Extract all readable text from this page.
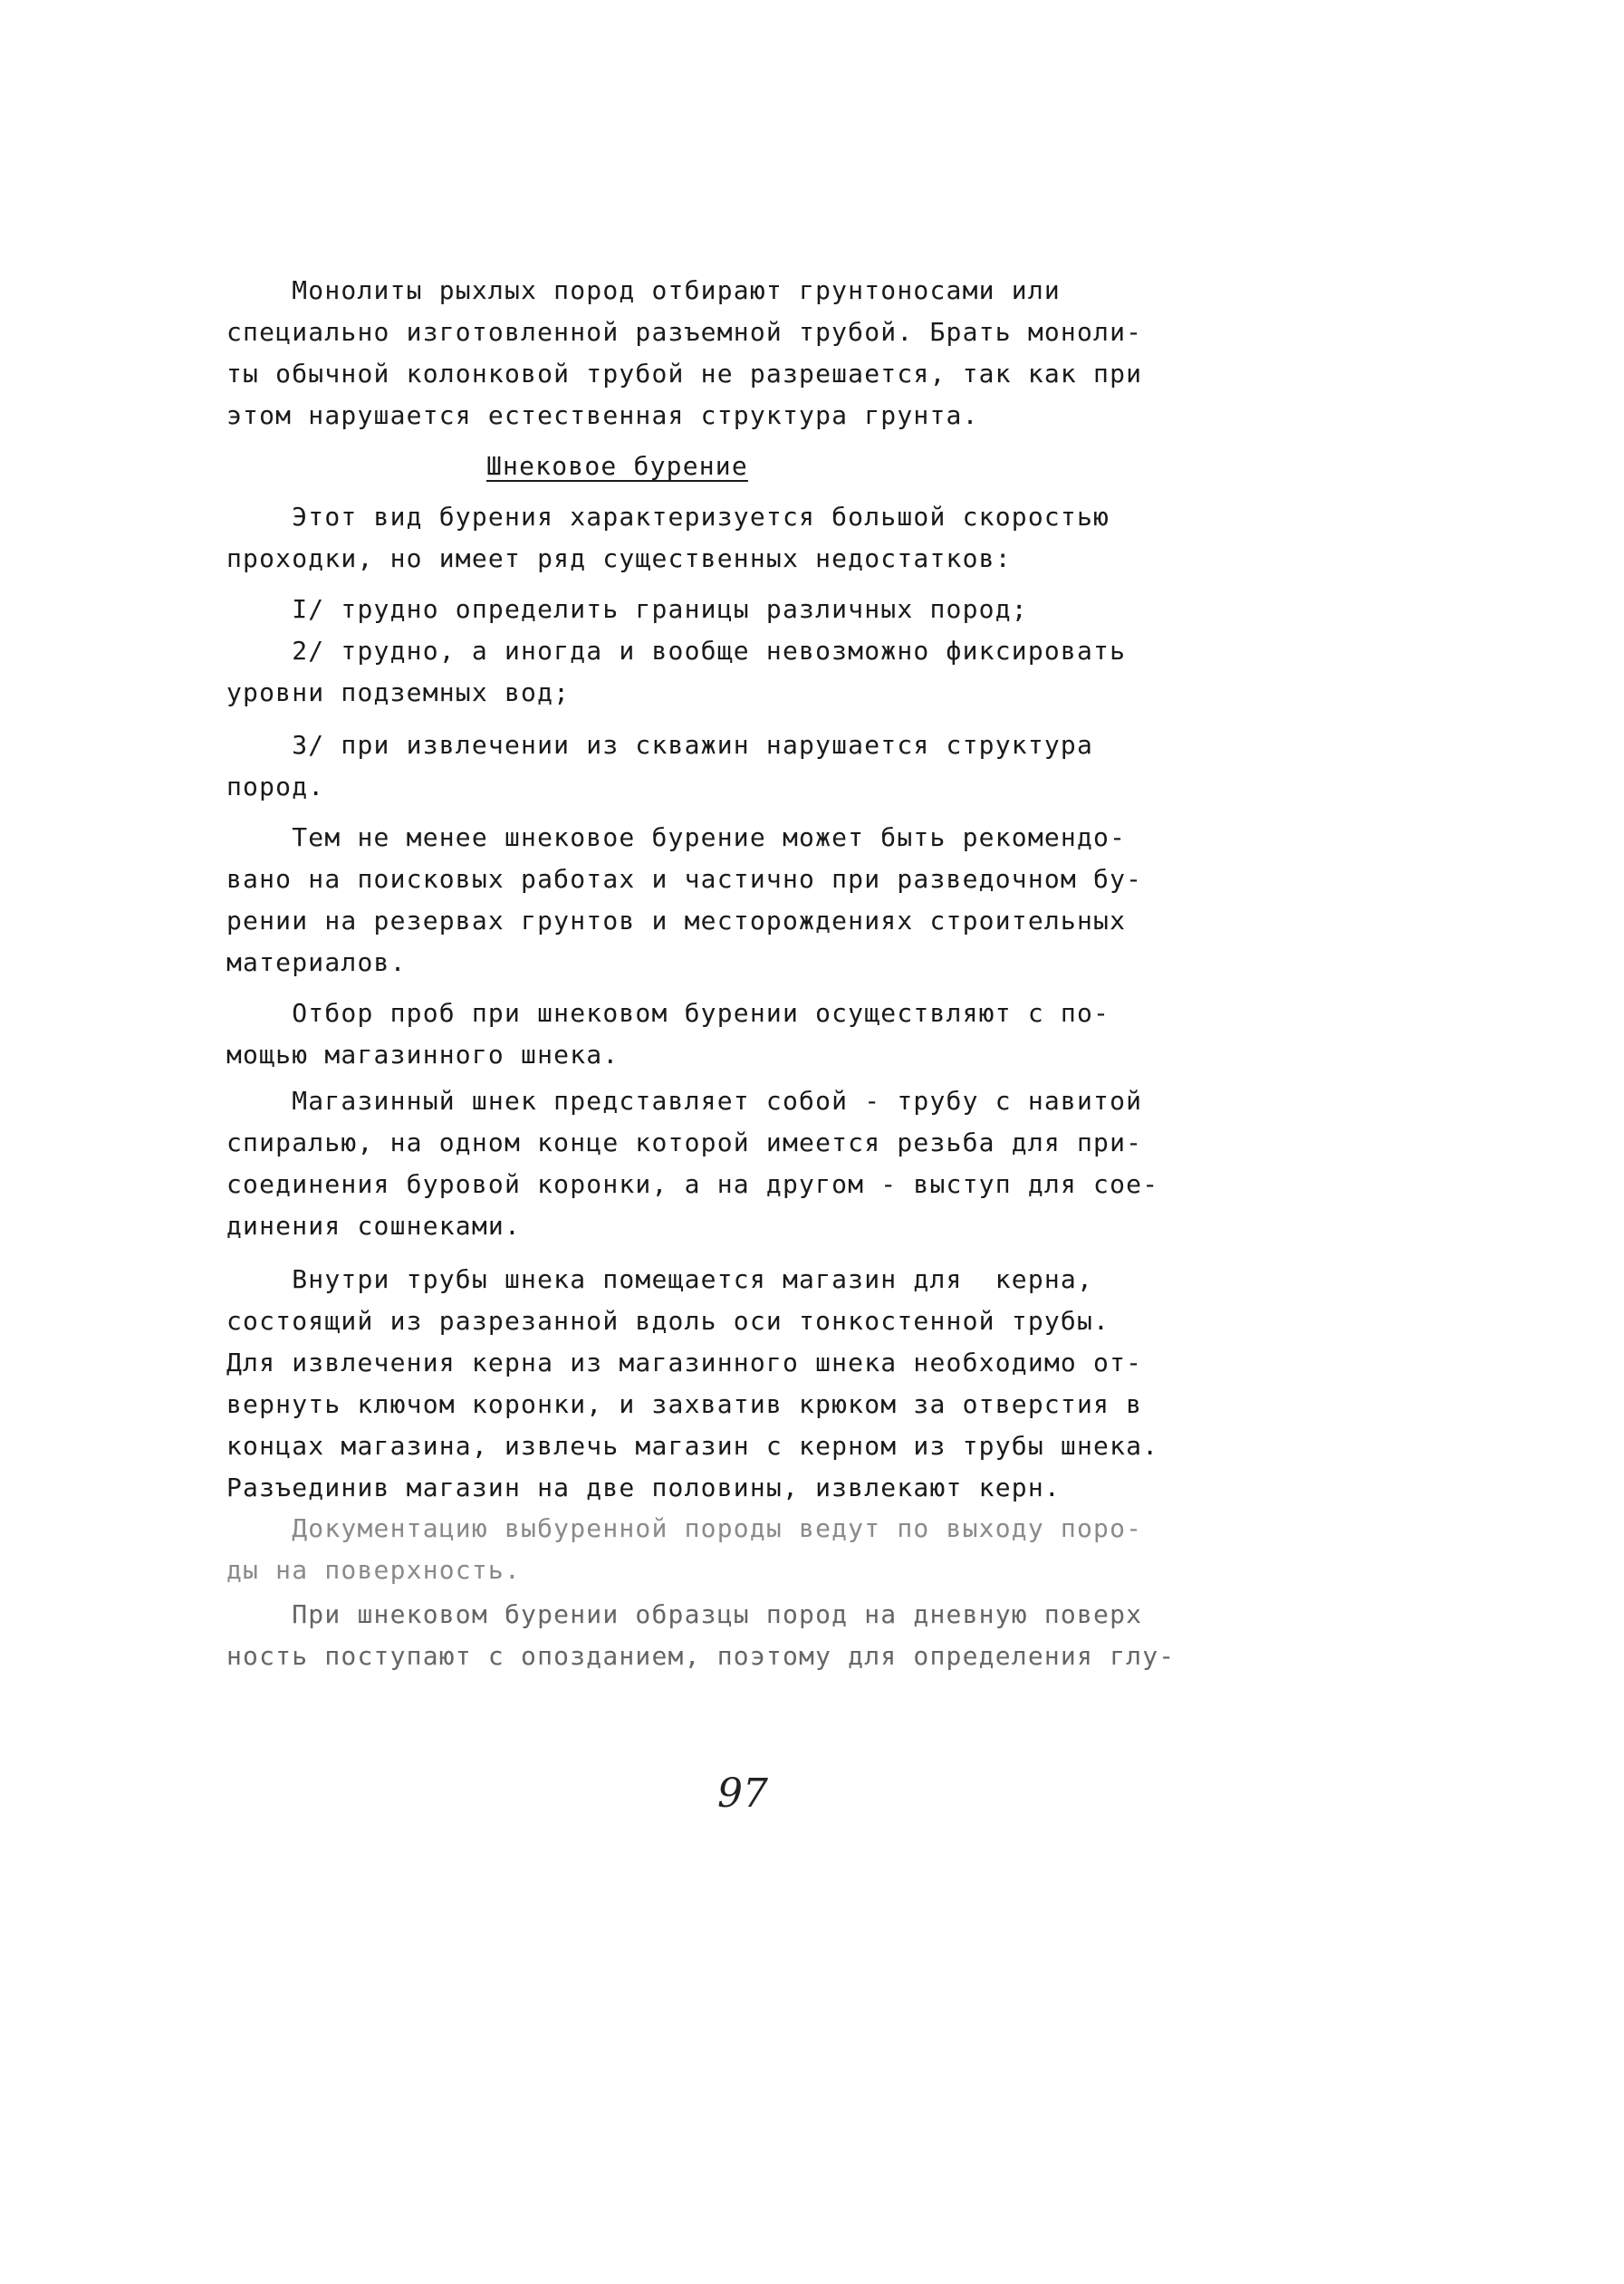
Монолиты рыхлых пород отбирают грунтоносами или
специально изготовленной разъемной трубой. Брать моноли-
ты обычной колонковой трубой не разрешается, так как при
этом нарушается естественная структура грунта.
Шнековое бурение
Этот вид бурения характеризуется большой скоростью
проходки, но имеет ряд существенных недостатков:
I/ трудно определить границы различных пород;
2/ трудно, а иногда и вообще невозможно фиксировать
уровни подземных вод;
3/ при извлечении из скважин нарушается структура
пород.
Тем не менее шнековое бурение может быть рекомендо-
вано на поисковых работах и частично при разведочном бу-
рении на резервах грунтов и месторождениях строительных
материалов.
Отбор проб при шнековом бурении осуществляют с по-
мощью магазинного шнека.
Магазинный шнек представляет собой - трубу с навитой
спиралью, на одном конце которой имеется резьба для при-
соединения буровой коронки, а на другом - выступ для сое-
динения сошнеками.
Внутри трубы шнека помещается магазин для  керна,
состоящий из разрезанной вдоль оси тонкостенной трубы.
Для извлечения керна из магазинного шнека необходимо от-
вернуть ключом коронки, и захватив крюком за отверстия в
концах магазина, извлечь магазин с керном из трубы шнека.
Разъединив магазин на две половины, извлекают керн.
Документацию выбуренной породы ведут по выходу поро-
ды на поверхность.
При шнековом бурении образцы пород на дневную поверх
ность поступают с опозданием, поэтому для определения глу-
97
